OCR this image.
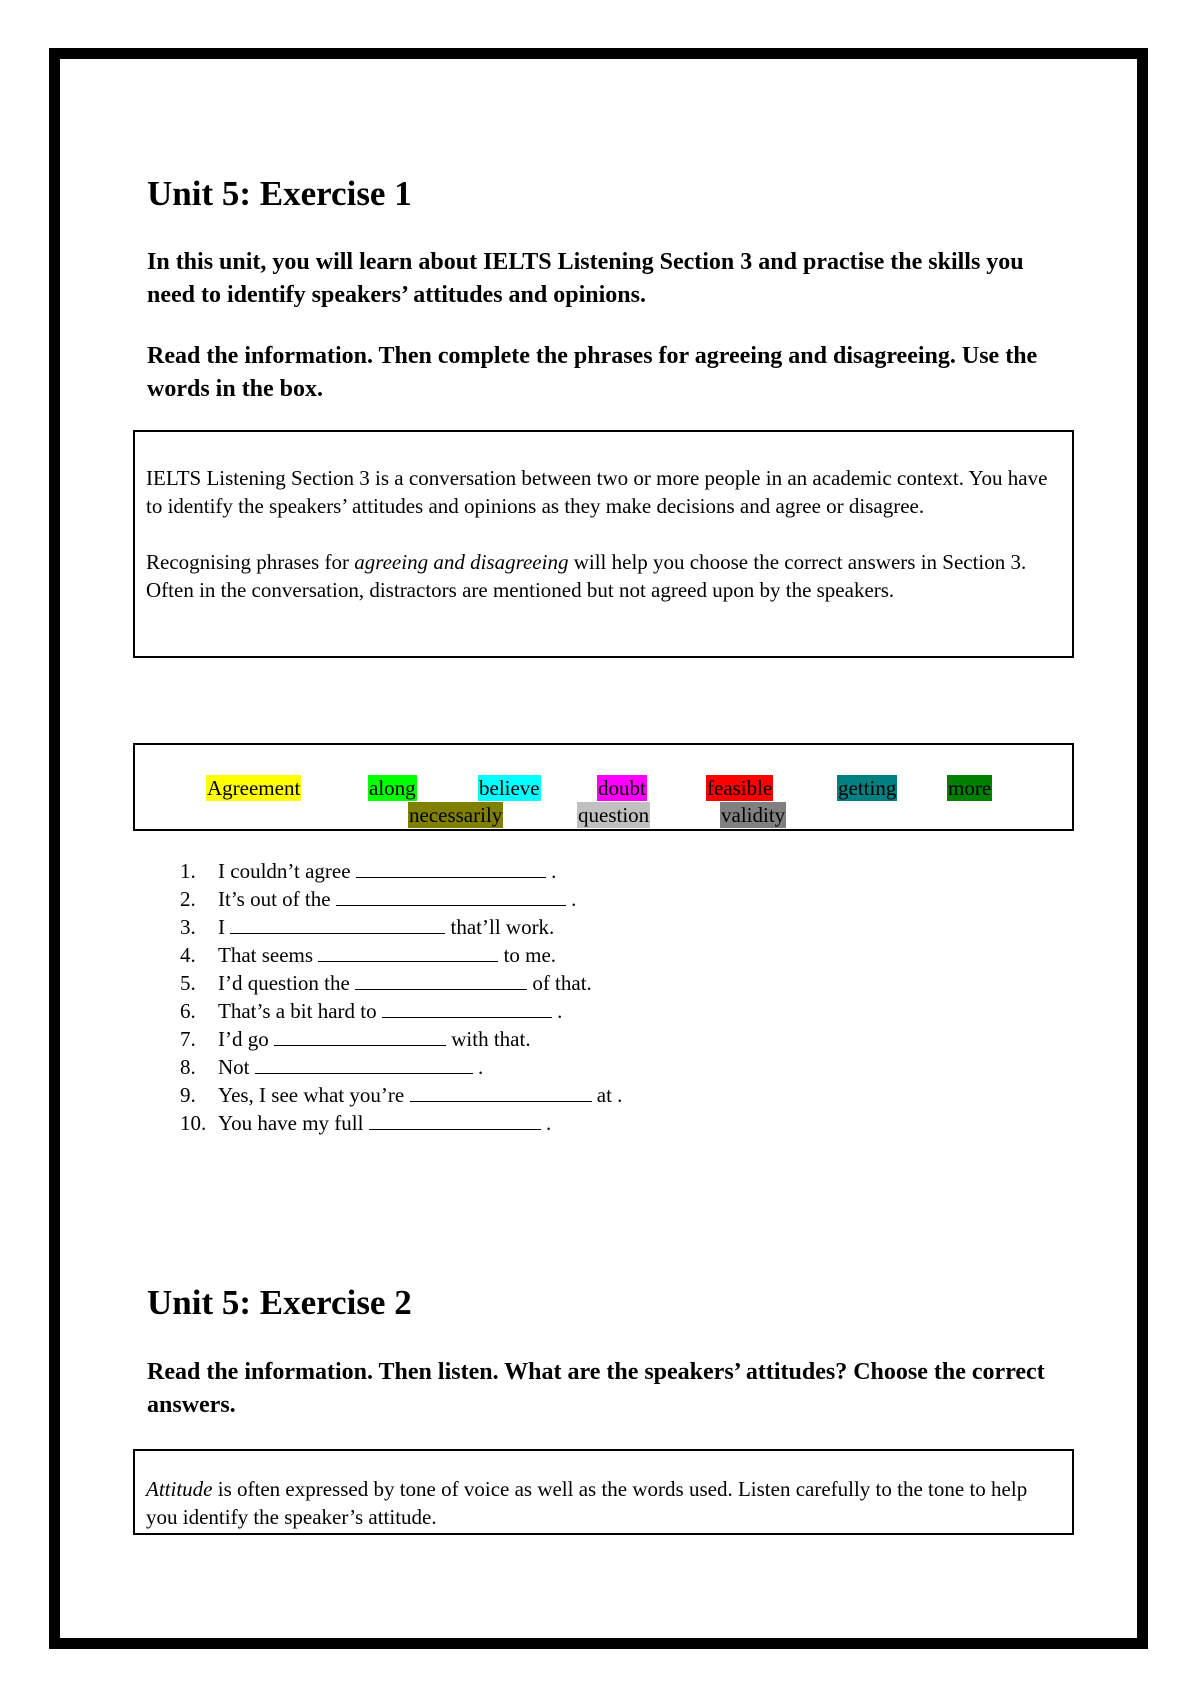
Unit 5: Exercise 1
In this unit, you will learn about IELTS Listening Section 3 and practise the skills you need to identify speakers’ attitudes and opinions.
Read the information. Then complete the phrases for agreeing and disagreeing. Use the words in the box.

IELTS Listening Section 3 is a conversation between two or more people in an academic context. You have to identify the speakers’ attitudes and opinions as they make decisions and agree or disagree.

Recognising phrases for agreeing and disagreeing will help you choose the correct answers in Section 3. Often in the conversation, distractors are mentioned but not agreed upon by the speakers.

Agreement	along	believe	doubt	feasible	getting more
necessarily	question	validity
1. I couldn’t agree	.
2. It’s out of the	.
3. I	that’ll work.
4. That seems	to me.
5. I’d question the	of that.
6. That’s a bit hard to	.
7. I’d go	with that.
8. Not	.
9. Yes, I see what you’re	at .
10. You have my full	.
Unit 5: Exercise 2
Read the information. Then listen. What are the speakers’ attitudes? Choose the correct answers.

Attitude is often expressed by tone of voice as well as the words used. Listen carefully to the tone to help you identify the speaker’s attitude.
